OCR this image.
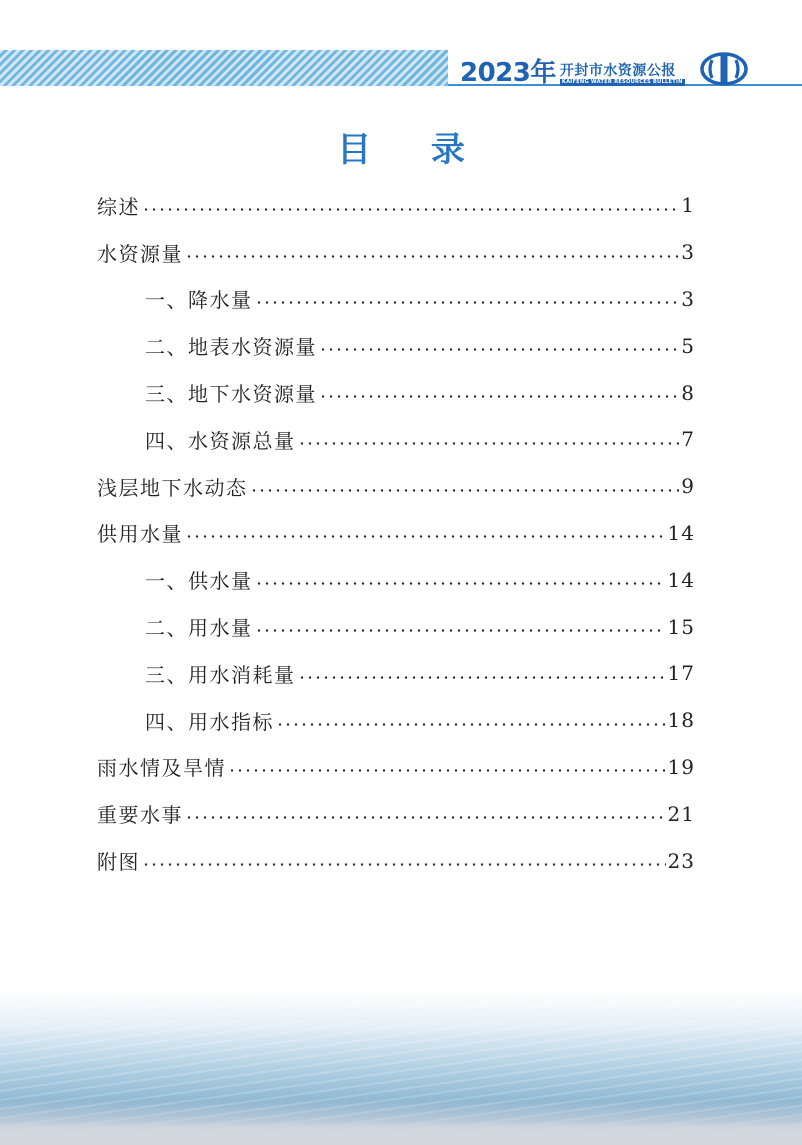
2023年 开封市水资源公报
KAIFENG WATER RESOURCES BULLETIN
目 录
综述	1
水资源量	3
一、降水量	3
二、地表水资源量	5
三、地下水资源量	8
四、水资源总量	7
浅层地下水动态	9
供用水量	14
一、供水量	14
二、用水量	15
三、用水消耗量	17
四、用水指标	18
雨水情及旱情	19
重要水事	21
附图	23
